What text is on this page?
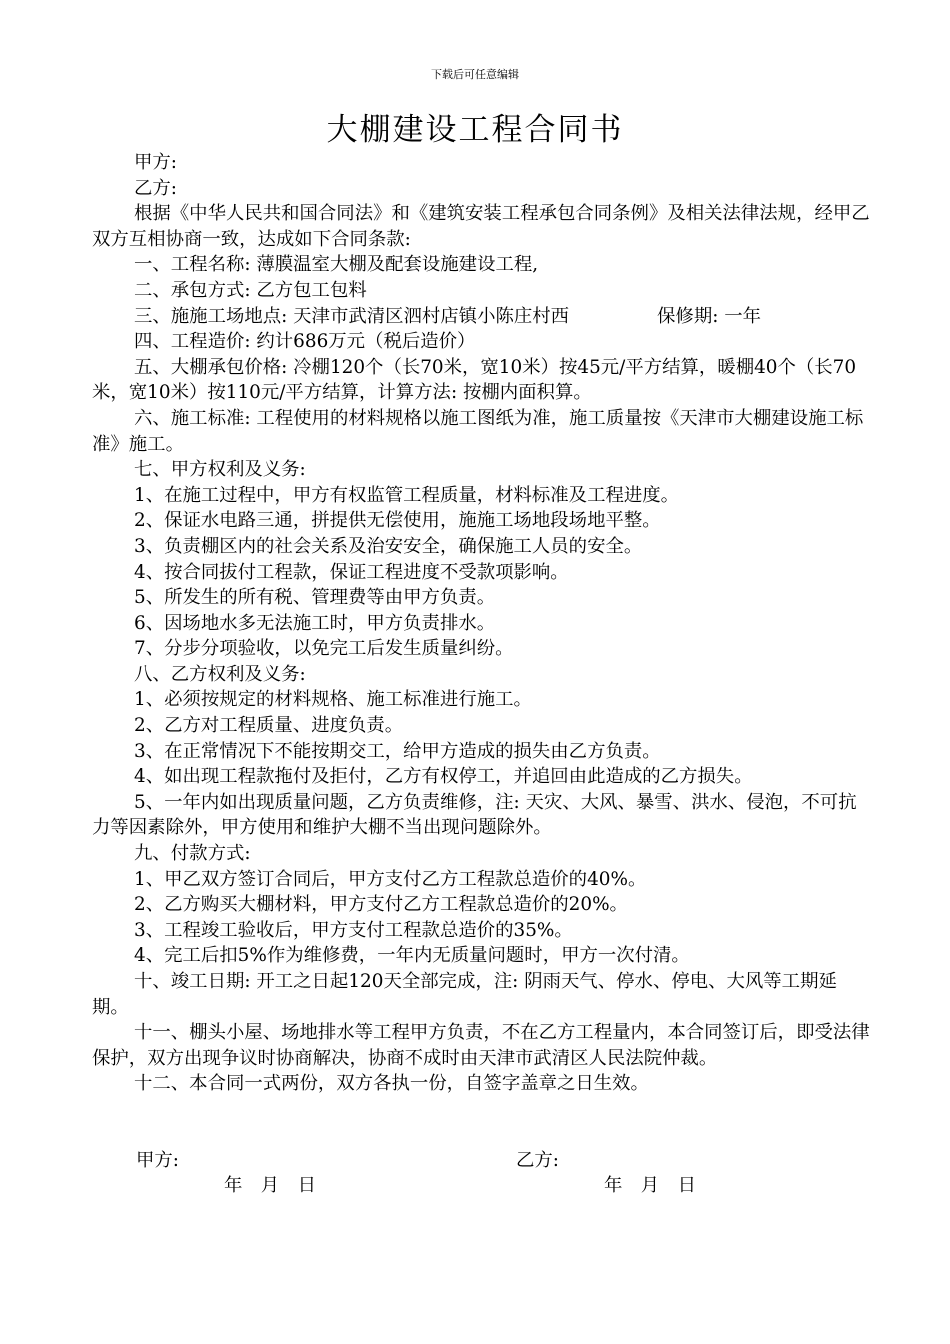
下载后可任意编辑
大棚建设工程合同书

甲方:

乙方:

根据《中华人民共和国合同法》和《建筑安装工程承包合同条例》及相关法律法规，经甲乙双方互相协商一致，达成如下合同条款:

一、工程名称: 薄膜温室大棚及配套设施建设工程,

二、承包方式: 乙方包工包料

三、施施工场地点: 天津市武清区泗村店镇小陈庄村西	保修期: 一年

四、工程造价: 约计686万元（税后造价）

五、大棚承包价格: 冷棚120个（长70米，宽10米）按45元/平方结算，暖棚40个（长70米，宽10米）按110元/平方结算，计算方法: 按棚内面积算。

六、施工标准: 工程使用的材料规格以施工图纸为准，施工质量按《天津市大棚建设施工标准》施工。

七、甲方权利及义务:

1、在施工过程中，甲方有权监管工程质量，材料标准及工程进度。

2、保证水电路三通，拼提供无偿使用，施施工场地段场地平整。

3、负责棚区内的社会关系及治安安全，确保施工人员的安全。

4、按合同拔付工程款，保证工程进度不受款项影响。

5、所发生的所有税、管理费等由甲方负责。

6、因场地水多无法施工时，甲方负责排水。

7、分步分项验收，以免完工后发生质量纠纷。

八、乙方权利及义务:

1、必须按规定的材料规格、施工标准进行施工。

2、乙方对工程质量、进度负责。

3、在正常情况下不能按期交工，给甲方造成的损失由乙方负责。

4、如出现工程款拖付及拒付，乙方有权停工，并追回由此造成的乙方损失。

5、一年内如出现质量问题，乙方负责维修，注: 天灾、大风、暴雪、洪水、侵泡，不可抗力等因素除外，甲方使用和维护大棚不当出现问题除外。

九、付款方式:

1、甲乙双方签订合同后，甲方支付乙方工程款总造价的40%。

2、乙方购买大棚材料，甲方支付乙方工程款总造价的20%。

3、工程竣工验收后，甲方支付工程款总造价的35%。

4、完工后扣5%作为维修费，一年内无质量问题时，甲方一次付清。

十、竣工日期: 开工之日起120天全部完成，注: 阴雨天气、停水、停电、大风等工期延期。

十一、棚头小屋、场地排水等工程甲方负责，不在乙方工程量内，本合同签订后，即受法律保护，双方出现争议时协商解决，协商不成时由天津市武清区人民法院仲裁。

十二、本合同一式两份，双方各执一份，自签字盖章之日生效。

甲方:	乙方:
年　月　日	年　月　日
